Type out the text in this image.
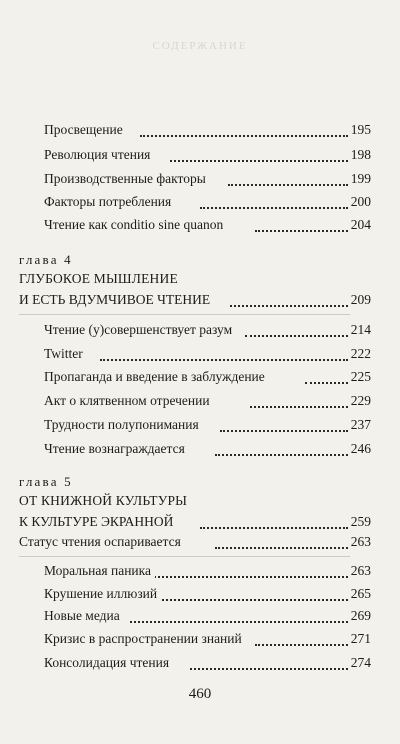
СОДЕРЖАНИЕ
Просвещение	195
Революция чтения	198
Производственные факторы	199
Факторы потребления	200
Чтение как conditio sine quanon	204
глава 4
ГЛУБОКОЕ МЫШЛЕНИЕ
И ЕСТЬ ВДУМЧИВОЕ ЧТЕНИЕ	209
Чтение (у)совершенствует разум	214
Twitter	222
Пропаганда и введение в заблуждение	225
Акт о клятвенном отречении	229
Трудности полупонимания	237
Чтение вознаграждается	246
глава 5
ОТ КНИЖНОЙ КУЛЬТУРЫ
К КУЛЬТУРЕ ЭКРАННОЙ	259
Статус чтения оспаривается	263
Моральная паника	263
Крушение иллюзий	265
Новые медиа	269
Кризис в распространении знаний	271
Консолидация чтения	274
460
